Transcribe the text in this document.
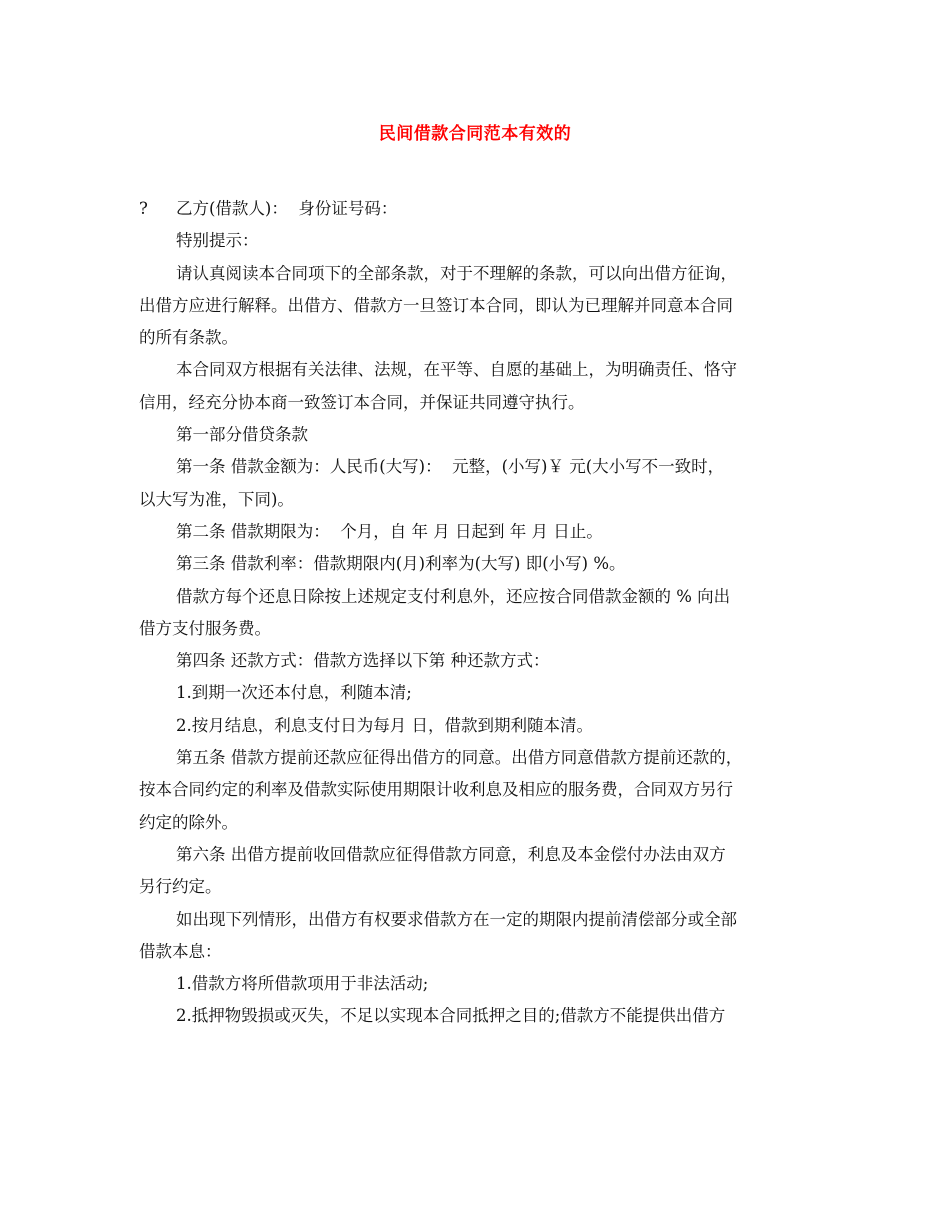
民间借款合同范本有效的
? 乙方(借款人)：  身份证号码：
特别提示：
请认真阅读本合同项下的全部条款，对于不理解的条款，可以向出借方征询，
出借方应进行解释。出借方、借款方一旦签订本合同，即认为已理解并同意本合同
的所有条款。
本合同双方根据有关法律、法规，在平等、自愿的基础上，为明确责任、恪守
信用，经充分协本商一致签订本合同，并保证共同遵守执行。
第一部分借贷条款
第一条 借款金额为：人民币(大写)：  元整，(小写)￥ 元(大小写不一致时，
以大写为准，下同)。
第二条 借款期限为：  个月，自 年 月 日起到 年 月 日止。
第三条 借款利率：借款期限内(月)利率为(大写) 即(小写) %。
借款方每个还息日除按上述规定支付利息外，还应按合同借款金额的 % 向出
借方支付服务费。
第四条 还款方式：借款方选择以下第 种还款方式：
1.到期一次还本付息，利随本清;
2.按月结息，利息支付日为每月 日，借款到期利随本清。
第五条 借款方提前还款应征得出借方的同意。出借方同意借款方提前还款的，
按本合同约定的利率及借款实际使用期限计收利息及相应的服务费，合同双方另行
约定的除外。
第六条 出借方提前收回借款应征得借款方同意，利息及本金偿付办法由双方
另行约定。
如出现下列情形，出借方有权要求借款方在一定的期限内提前清偿部分或全部
借款本息：
1.借款方将所借款项用于非法活动;
2.抵押物毁损或灭失，不足以实现本合同抵押之目的;借款方不能提供出借方
